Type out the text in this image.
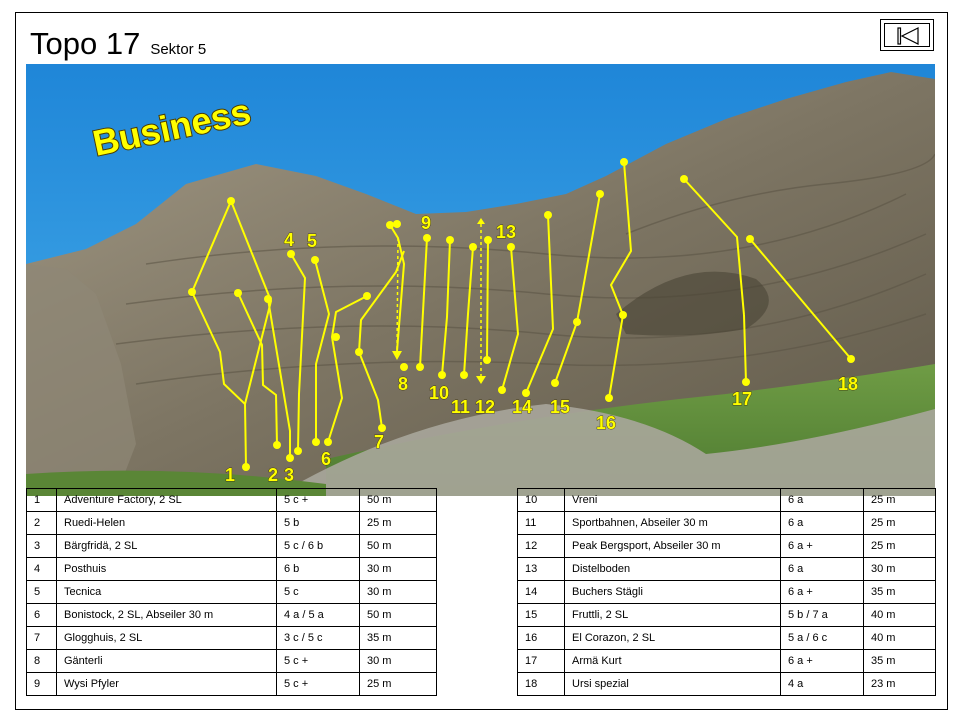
Topo 17 Sektor 5
Business
1 2 3
4 5
6
7
8
9
10
11 12
13
14 15
16
17
18
1	Adventure Factory, 2 SL	5 c +	50 m
2	Ruedi-Helen	5 b	25 m
3	Bärgfridä, 2 SL	5 c / 6 b	50 m
4	Posthuis	6 b	30 m
5	Tecnica	5 c	30 m
6	Bonistock, 2 SL, Abseiler 30 m	4 a / 5 a	50 m
7	Glogghuis, 2 SL	3 c / 5 c	35 m
8	Gänterli	5 c +	30 m
9	Wysi Pfyler	5 c +	25 m
10	Vreni	6 a	25 m
11	Sportbahnen, Abseiler 30 m	6 a	25 m
12	Peak Bergsport, Abseiler 30 m	6 a +	25 m
13	Distelboden	6 a	30 m
14	Buchers Stägli	6 a +	35 m
15	Fruttli, 2 SL	5 b / 7 a	40 m
16	El Corazon, 2 SL	5 a / 6 c	40 m
17	Armä Kurt	6 a +	35 m
18	Ursi spezial	4 a	23 m
